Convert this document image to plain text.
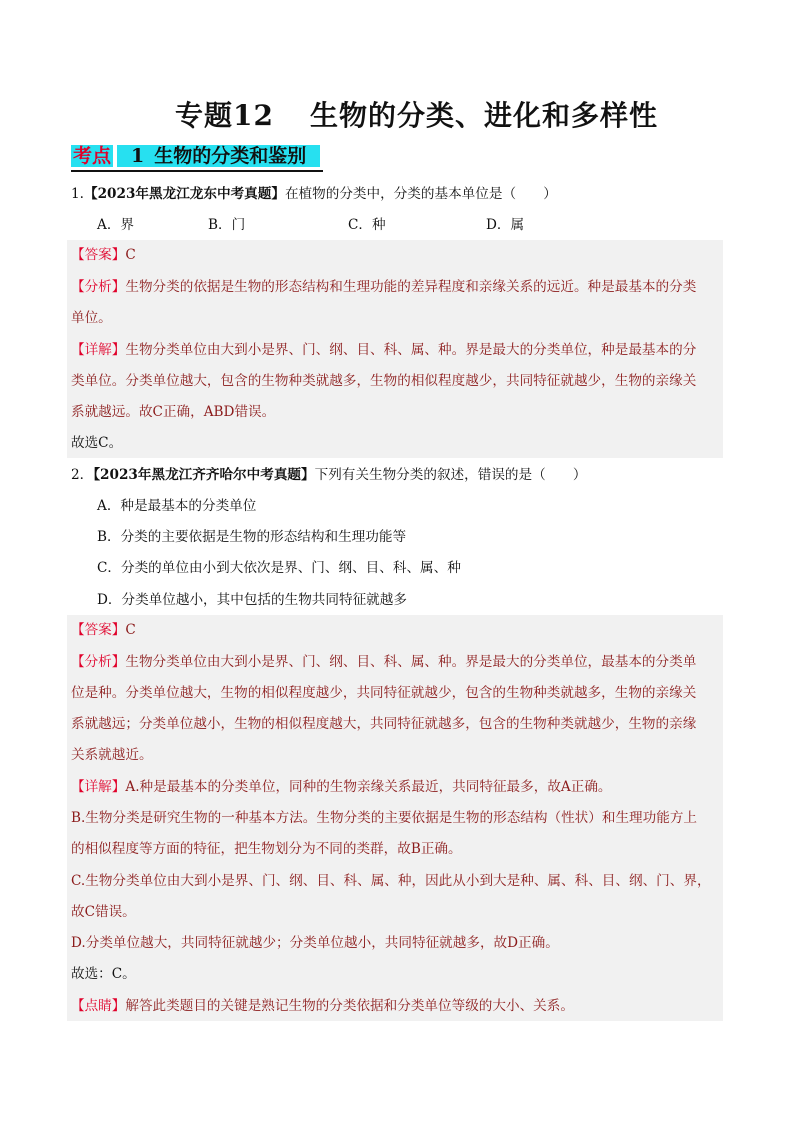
专题12 生物的分类、进化和多样性
考点 1 生物的分类和鉴别
1.【2023年黑龙江龙东中考真题】在植物的分类中，分类的基本单位是（　　）
A．界	B．门	C．种	D．属
【答案】C
【分析】生物分类的依据是生物的形态结构和生理功能的差异程度和亲缘关系的远近。种是最基本的分类
单位。
【详解】生物分类单位由大到小是界、门、纲、目、科、属、种。界是最大的分类单位，种是最基本的分
类单位。分类单位越大，包含的生物种类就越多，生物的相似程度越少，共同特征就越少，生物的亲缘关
系就越远。故C正确，ABD错误。
故选C。
2．【2023年黑龙江齐齐哈尔中考真题】下列有关生物分类的叙述，错误的是（　　）
A．种是最基本的分类单位
B．分类的主要依据是生物的形态结构和生理功能等
C．分类的单位由小到大依次是界、门、纲、目、科、属、种
D．分类单位越小，其中包括的生物共同特征就越多
【答案】C
【分析】生物分类单位由大到小是界、门、纲、目、科、属、种。界是最大的分类单位，最基本的分类单
位是种。分类单位越大，生物的相似程度越少，共同特征就越少，包含的生物种类就越多，生物的亲缘关
系就越远；分类单位越小，生物的相似程度越大，共同特征就越多，包含的生物种类就越少，生物的亲缘
关系就越近。
【详解】A.种是最基本的分类单位，同种的生物亲缘关系最近，共同特征最多，故A正确。
B.生物分类是研究生物的一种基本方法。生物分类的主要依据是生物的形态结构（性状）和生理功能方上
的相似程度等方面的特征，把生物划分为不同的类群，故B正确。
C.生物分类单位由大到小是界、门、纲、目、科、属、种，因此从小到大是种、属、科、目、纲、门、界，
故C错误。
D.分类单位越大，共同特征就越少；分类单位越小，共同特征就越多，故D正确。
故选：C。
【点睛】解答此类题目的关键是熟记生物的分类依据和分类单位等级的大小、关系。
